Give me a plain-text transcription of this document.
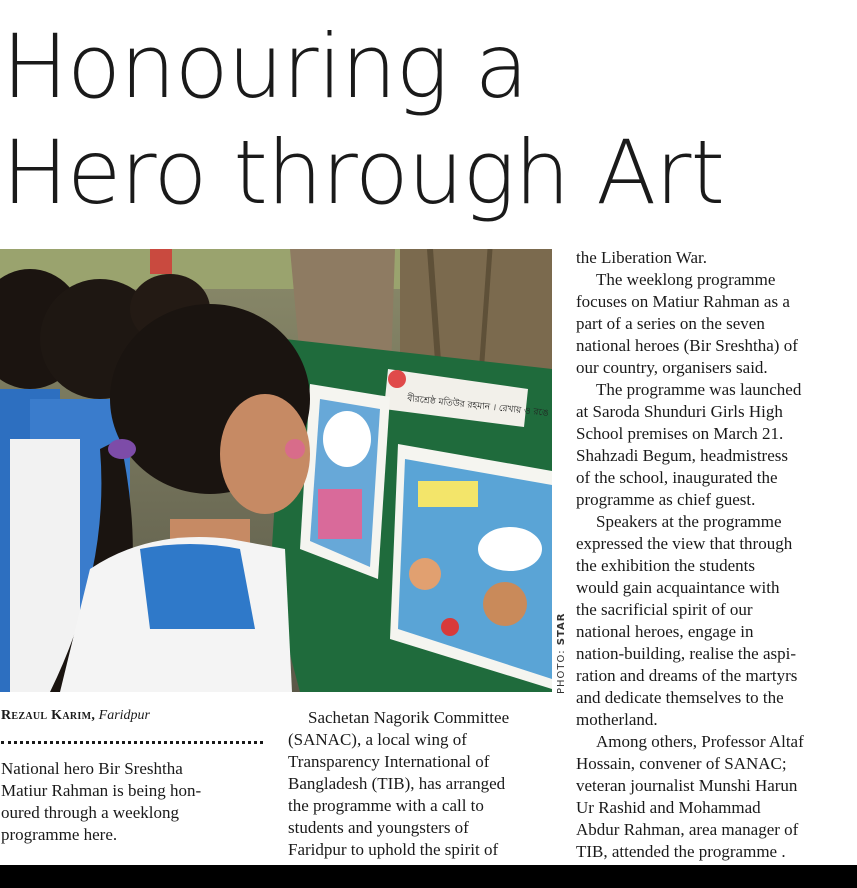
Honouring a
Hero through Art
বীরশ্রেষ্ঠ মতিউর রহমান । রেখায় ও রঙে
PHOTO: STAR
Rezaul Karim, Faridpur

National hero Bir Sreshtha
Matiur Rahman is being hon-
oured through a weeklong
programme here.

Sachetan Nagorik Committee
(SANAC), a local wing of
Transparency International of
Bangladesh (TIB), has arranged
the programme with a call to
students and youngsters of
Faridpur to uphold the spirit of

the Liberation War.

The weeklong programme
focuses on Matiur Rahman as a
part of a series on the seven
national heroes (Bir Sreshtha) of
our country, organisers said.

The programme was launched
at Saroda Shunduri Girls High
School premises on March 21.
Shahzadi Begum, headmistress
of the school, inaugurated the
programme as chief guest.

Speakers at the programme
expressed the view that through
the exhibition the students
would gain acquaintance with
the sacrificial spirit of our
national heroes, engage in
nation-building, realise the aspi-
ration and dreams of the martyrs
and dedicate themselves to the
motherland.

Among others, Professor Altaf
Hossain, convener of SANAC;
veteran journalist Munshi Harun
Ur Rashid and Mohammad
Abdur Rahman, area manager of
TIB, attended the programme .
